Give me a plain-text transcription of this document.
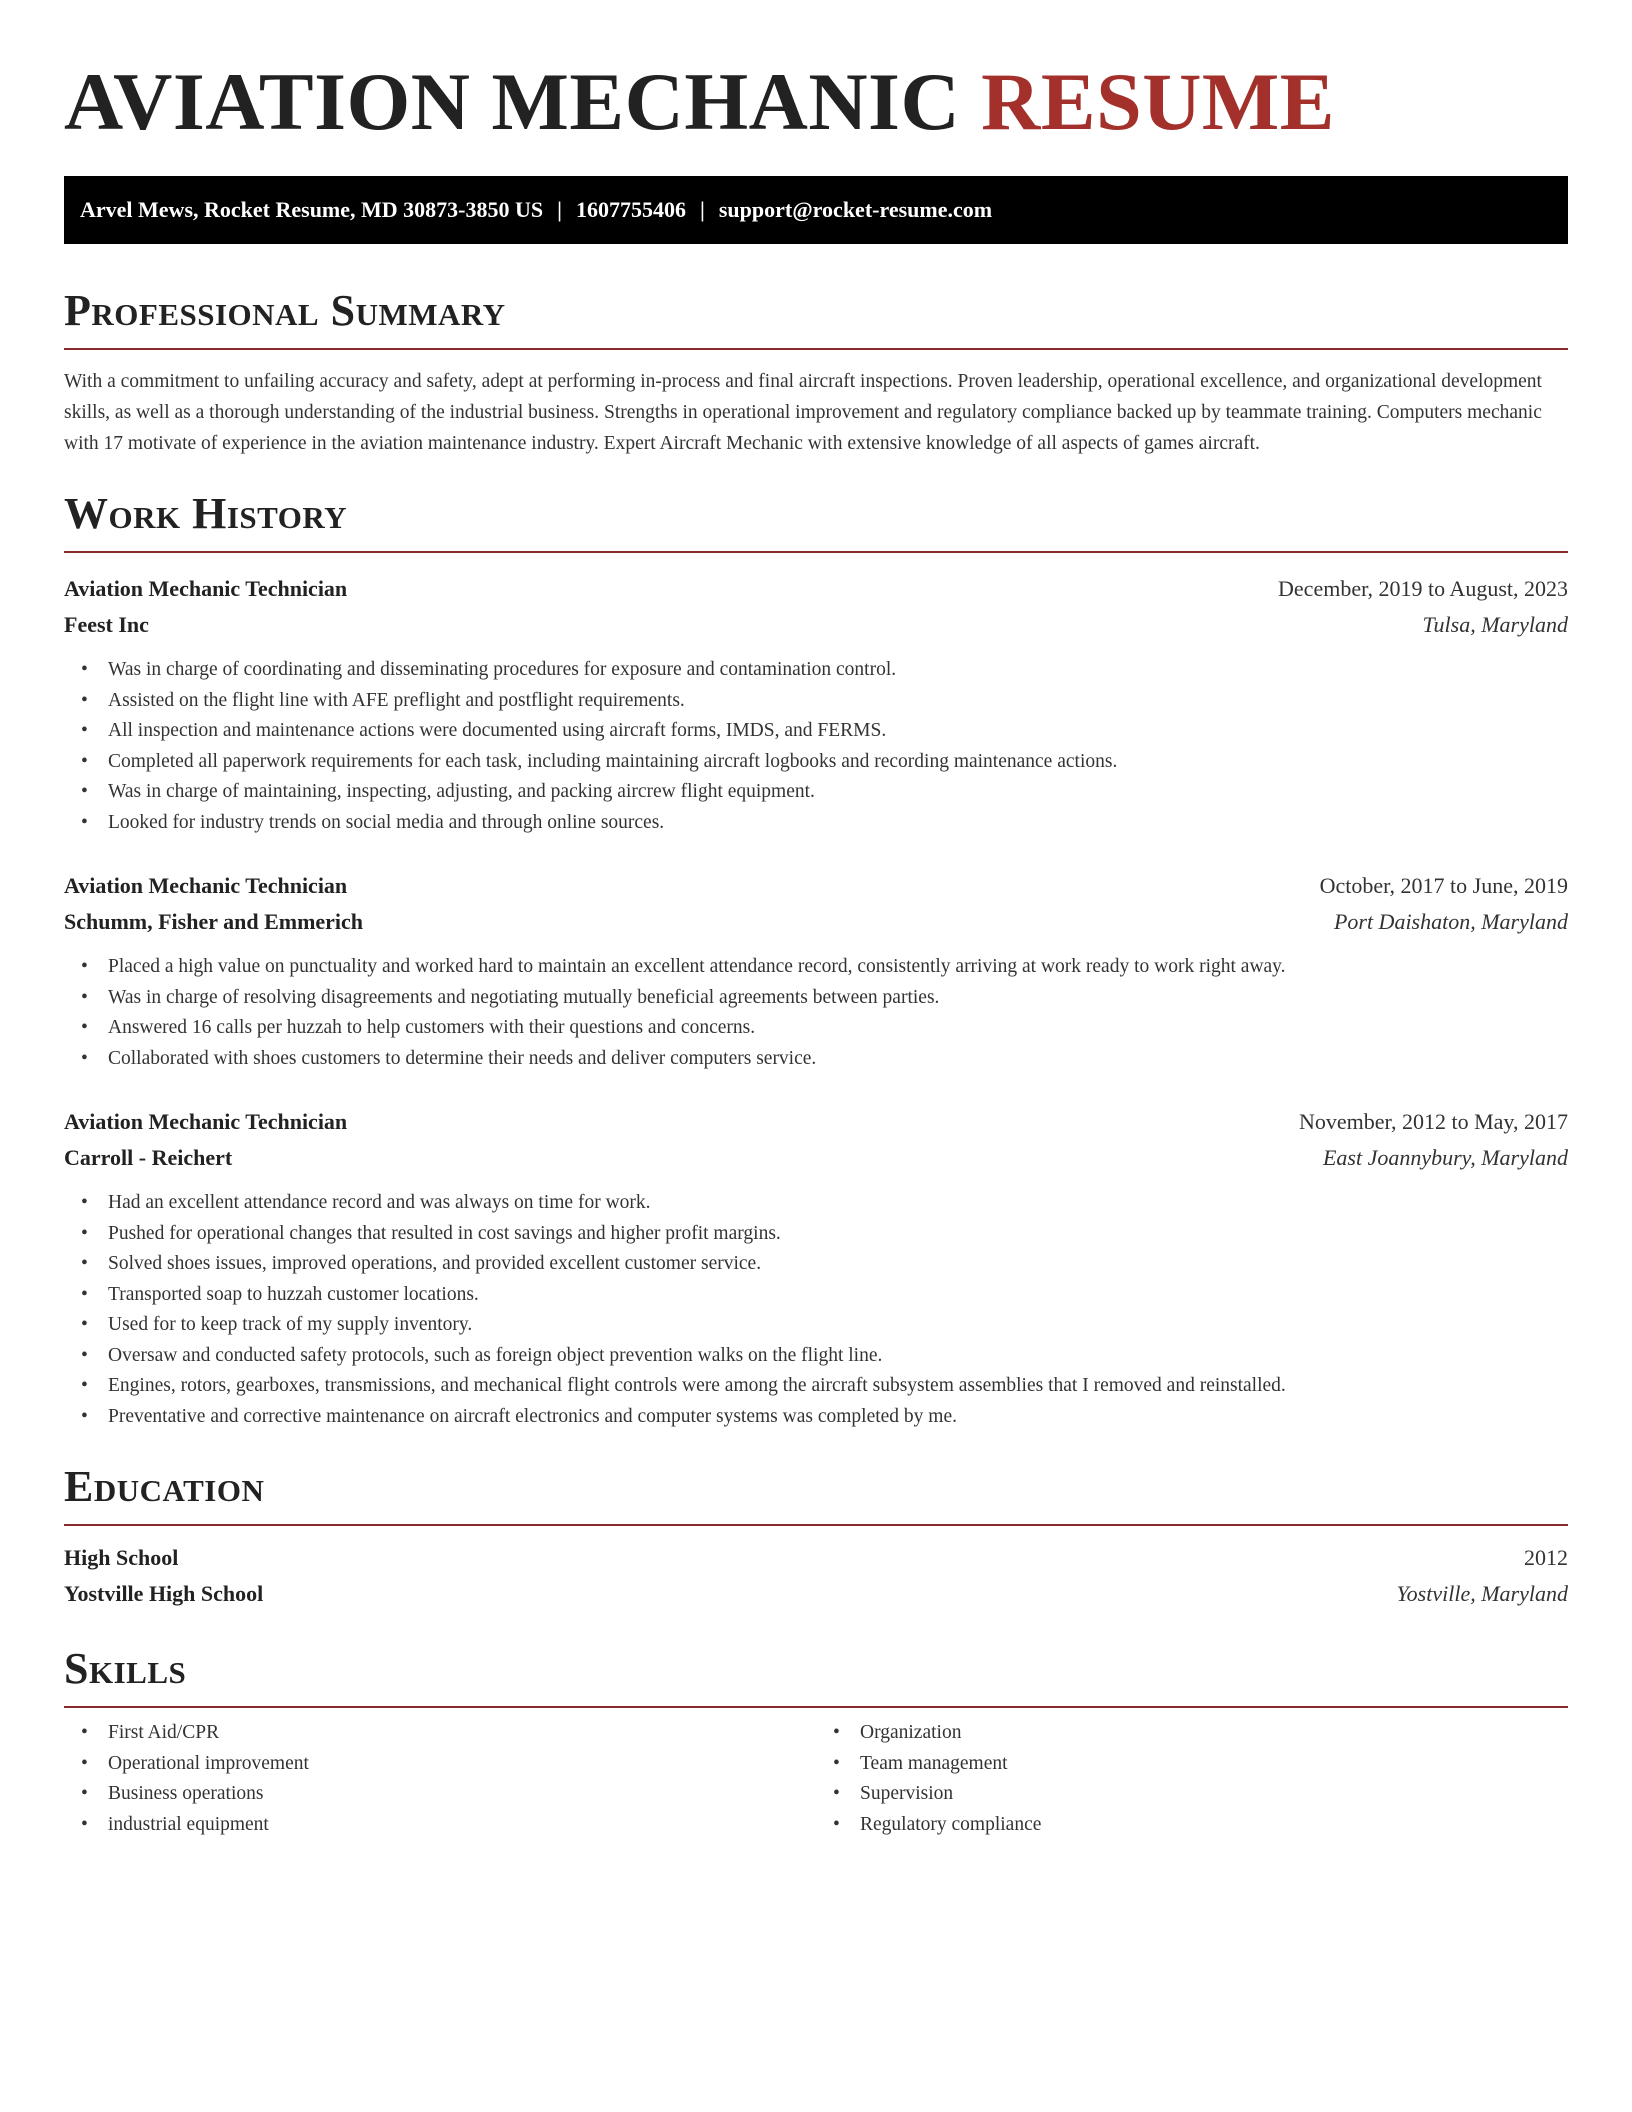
AVIATION MECHANIC RESUME
Arvel Mews, Rocket Resume, MD 30873-3850 US | 1607755406 | support@rocket-resume.com
Professional Summary

With a commitment to unfailing accuracy and safety, adept at performing in-process and final aircraft inspections. Proven leadership, operational excellence, and organizational development skills, as well as a thorough understanding of the industrial business. Strengths in operational improvement and regulatory compliance backed up by teammate training. Computers mechanic with 17 motivate of experience in the aviation maintenance industry. Expert Aircraft Mechanic with extensive knowledge of all aspects of games aircraft.

Work History
Aviation Mechanic Technician	December, 2019 to August, 2023
Feest Inc	Tulsa, Maryland
• Was in charge of coordinating and disseminating procedures for exposure and contamination control.
• Assisted on the flight line with AFE preflight and postflight requirements.
• All inspection and maintenance actions were documented using aircraft forms, IMDS, and FERMS.
• Completed all paperwork requirements for each task, including maintaining aircraft logbooks and recording maintenance actions.
• Was in charge of maintaining, inspecting, adjusting, and packing aircrew flight equipment.
• Looked for industry trends on social media and through online sources.
Aviation Mechanic Technician	October, 2017 to June, 2019
Schumm, Fisher and Emmerich	Port Daishaton, Maryland
• Placed a high value on punctuality and worked hard to maintain an excellent attendance record, consistently arriving at work ready to work right away.
• Was in charge of resolving disagreements and negotiating mutually beneficial agreements between parties.
• Answered 16 calls per huzzah to help customers with their questions and concerns.
• Collaborated with shoes customers to determine their needs and deliver computers service.
Aviation Mechanic Technician	November, 2012 to May, 2017
Carroll - Reichert	East Joannybury, Maryland
• Had an excellent attendance record and was always on time for work.
• Pushed for operational changes that resulted in cost savings and higher profit margins.
• Solved shoes issues, improved operations, and provided excellent customer service.
• Transported soap to huzzah customer locations.
• Used for to keep track of my supply inventory.
• Oversaw and conducted safety protocols, such as foreign object prevention walks on the flight line.
• Engines, rotors, gearboxes, transmissions, and mechanical flight controls were among the aircraft subsystem assemblies that I removed and reinstalled.
• Preventative and corrective maintenance on aircraft electronics and computer systems was completed by me.
Education
High School	2012
Yostville High School	Yostville, Maryland
Skills
• First Aid/CPR
• Operational improvement
• Business operations
• industrial equipment
• Organization
• Team management
• Supervision
• Regulatory compliance
